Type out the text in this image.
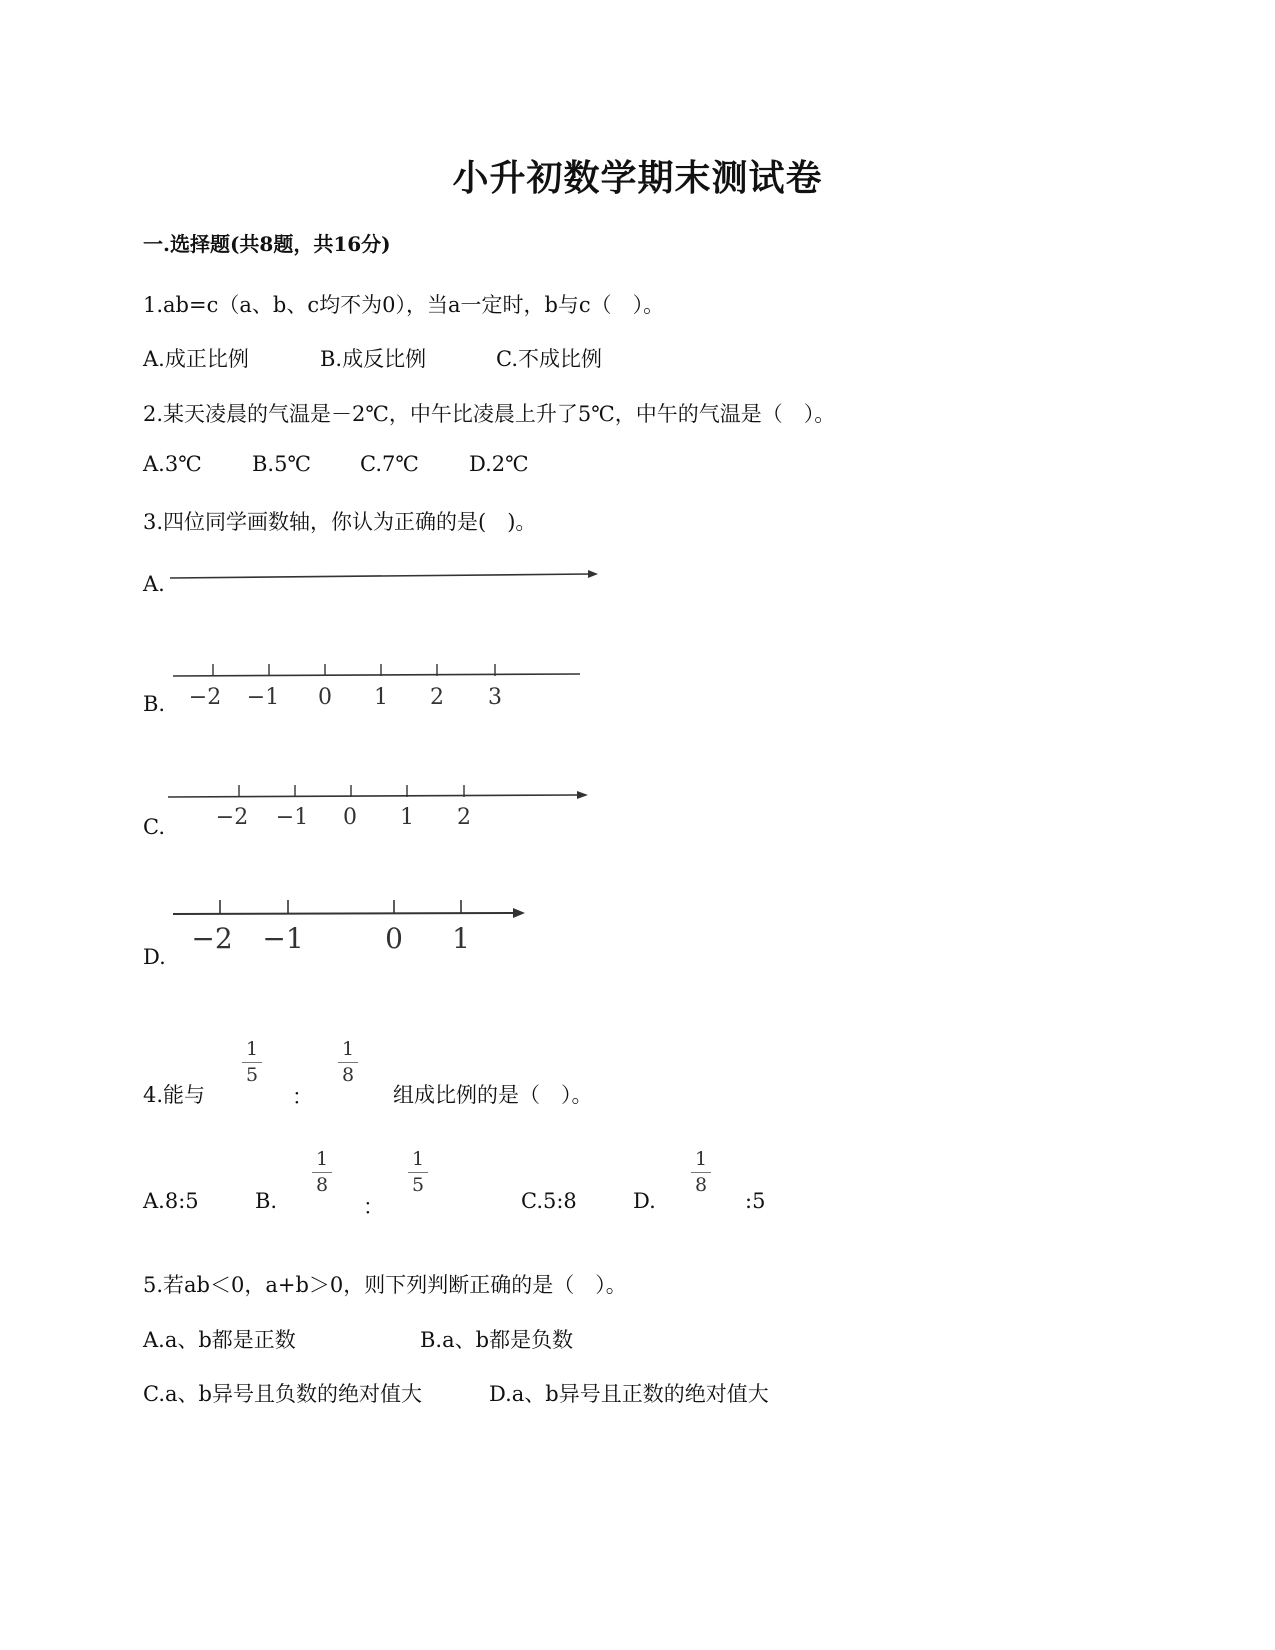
小升初数学期末测试卷
一.选择题(共8题，共16分)
1.ab=c（a、b、c均不为0），当a一定时，b与c（　）。
A.成正比例	B.成反比例	C.不成比例
2.某天凌晨的气温是－2℃，中午比凌晨上升了5℃，中午的气温是（　）。
A.3℃ B.5℃ C.7℃ D.2℃
3.四位同学画数轴，你认为正确的是(　)。
A.
B. −2 −1 0 1 2 3
C. −2 −1 0 1 2
D.
−2 −1	0 1
4.能与
1
5
：
1
8
组成比例的是（　）。
A.8:5	B.
1
8
：
1
5
C.5:8	D.
1
8
:5
5.若ab＜0，a+b＞0，则下列判断正确的是（　）。
A.a、b都是正数	B.a、b都是负数
C.a、b异号且负数的绝对值大	D.a、b异号且正数的绝对值大
